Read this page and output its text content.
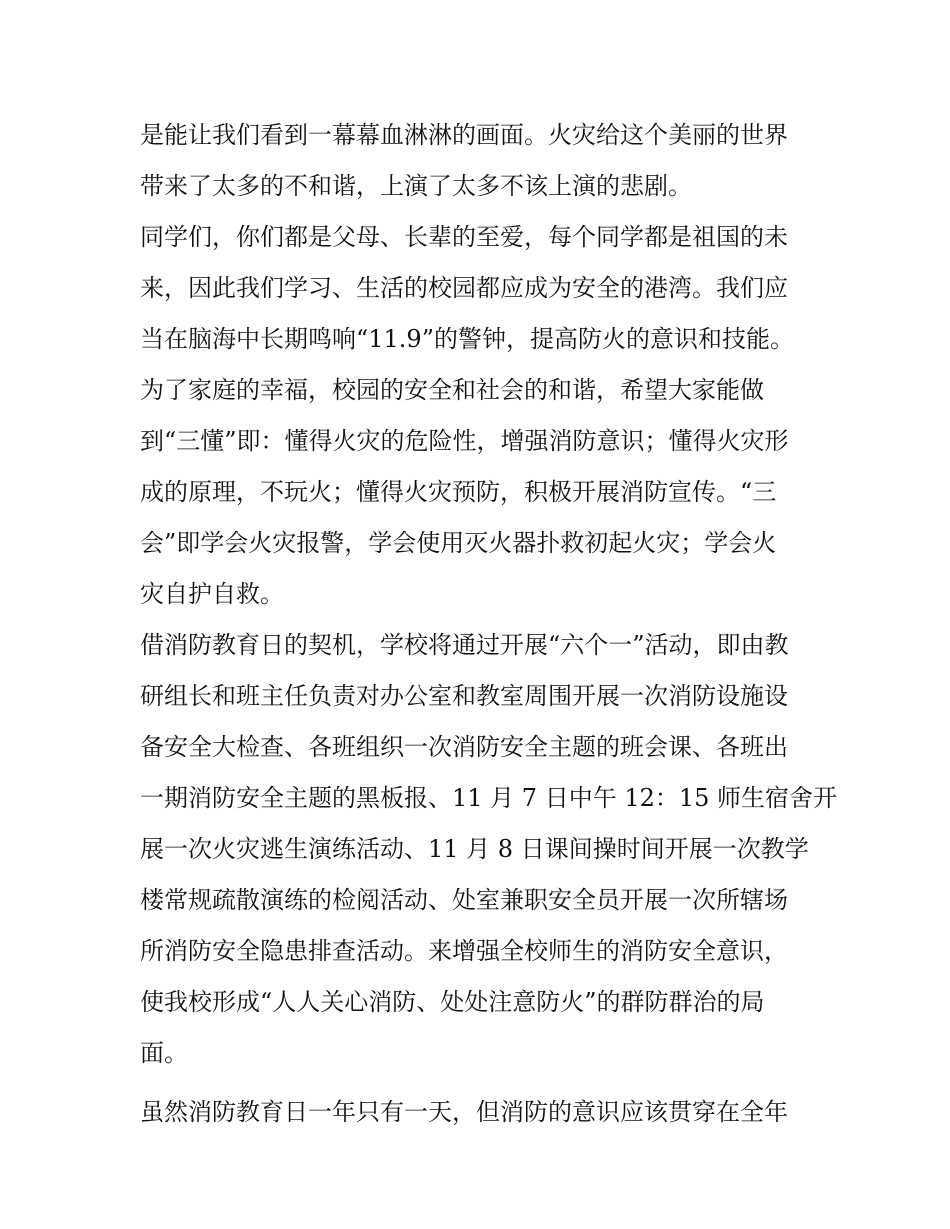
是能让我们看到一幕幕血淋淋的画面。火灾给这个美丽的世界
带来了太多的不和谐，上演了太多不该上演的悲剧。
同学们，你们都是父母、长辈的至爱，每个同学都是祖国的未
来，因此我们学习、生活的校园都应成为安全的港湾。我们应
当在脑海中长期鸣响“11.9”的警钟，提高防火的意识和技能。
为了家庭的幸福，校园的安全和社会的和谐，希望大家能做
到“三懂”即：懂得火灾的危险性，增强消防意识；懂得火灾形
成的原理，不玩火；懂得火灾预防，积极开展消防宣传。“三
会”即学会火灾报警，学会使用灭火器扑救初起火灾；学会火
灾自护自救。
借消防教育日的契机，学校将通过开展“六个一”活动，即由教
研组长和班主任负责对办公室和教室周围开展一次消防设施设
备安全大检查、各班组织一次消防安全主题的班会课、各班出
一期消防安全主题的黑板报、11 月 7 日中午 12：15 师生宿舍开
展一次火灾逃生演练活动、11 月 8 日课间操时间开展一次教学
楼常规疏散演练的检阅活动、处室兼职安全员开展一次所辖场
所消防安全隐患排查活动。来增强全校师生的消防安全意识，
使我校形成“人人关心消防、处处注意防火”的群防群治的局
面。
虽然消防教育日一年只有一天，但消防的意识应该贯穿在全年
